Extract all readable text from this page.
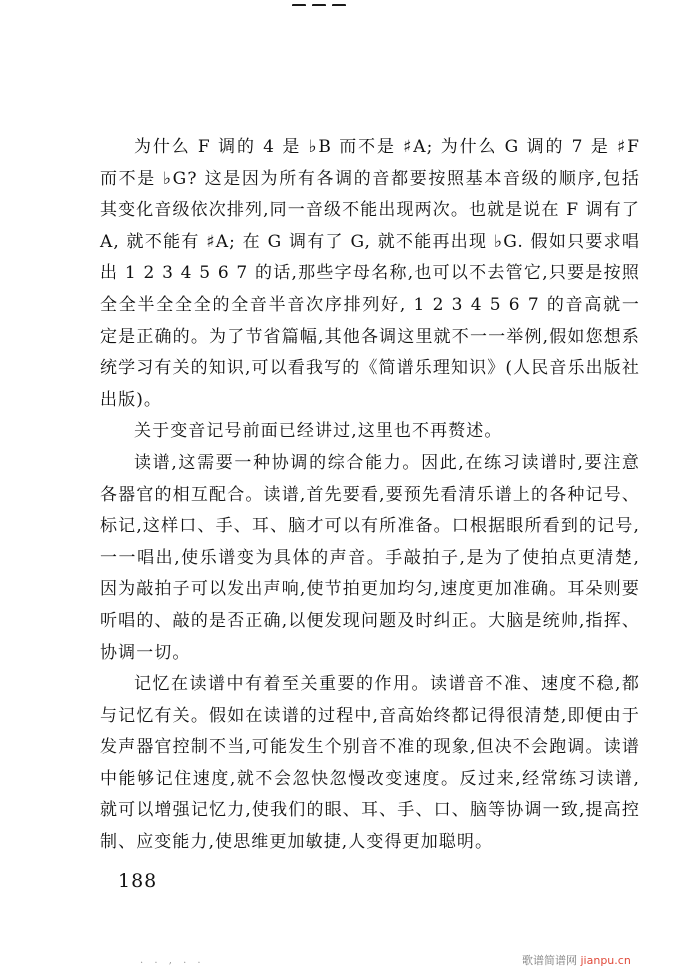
为什么 F 调的 4 是 ♭B 而不是 ♯A; 为什么 G 调的 7 是 ♯F 而不是 ♭G? 这是因为所有各调的音都要按照基本音级的顺序,包括其变化音级依次排列,同一音级不能出现两次。也就是说在 F 调有了 A, 就不能有 ♯A; 在 G 调有了 G, 就不能再出现 ♭G. 假如只要求唱出 1 2 3 4 5 6 7 的话,那些字母名称,也可以不去管它,只要是按照全全半全全全的全音半音次序排列好, 1 2 3 4 5 6 7 的音高就一定是正确的。为了节省篇幅,其他各调这里就不一一举例,假如您想系统学习有关的知识,可以看我写的《简谱乐理知识》(人民音乐出版社出版)。

关于变音记号前面已经讲过,这里也不再赘述。

读谱,这需要一种协调的综合能力。因此,在练习读谱时,要注意各器官的相互配合。读谱,首先要看,要预先看清乐谱上的各种记号、标记,这样口、手、耳、脑才可以有所准备。口根据眼所看到的记号,一一唱出,使乐谱变为具体的声音。手敲拍子,是为了使拍点更清楚,因为敲拍子可以发出声响,使节拍更加均匀,速度更加准确。耳朵则要听唱的、敲的是否正确,以便发现问题及时纠正。大脑是统帅,指挥、协调一切。

记忆在读谱中有着至关重要的作用。读谱音不准、速度不稳,都与记忆有关。假如在读谱的过程中,音高始终都记得很清楚,即便由于发声器官控制不当,可能发生个别音不准的现象,但决不会跑调。读谱中能够记住速度,就不会忽快忽慢改变速度。反过来,经常练习读谱,就可以增强记忆力,使我们的眼、耳、手、口、脑等协调一致,提高控制、应变能力,使思维更加敏捷,人变得更加聪明。

188

. . , . .	歌谱简谱网 jianpu.cn
